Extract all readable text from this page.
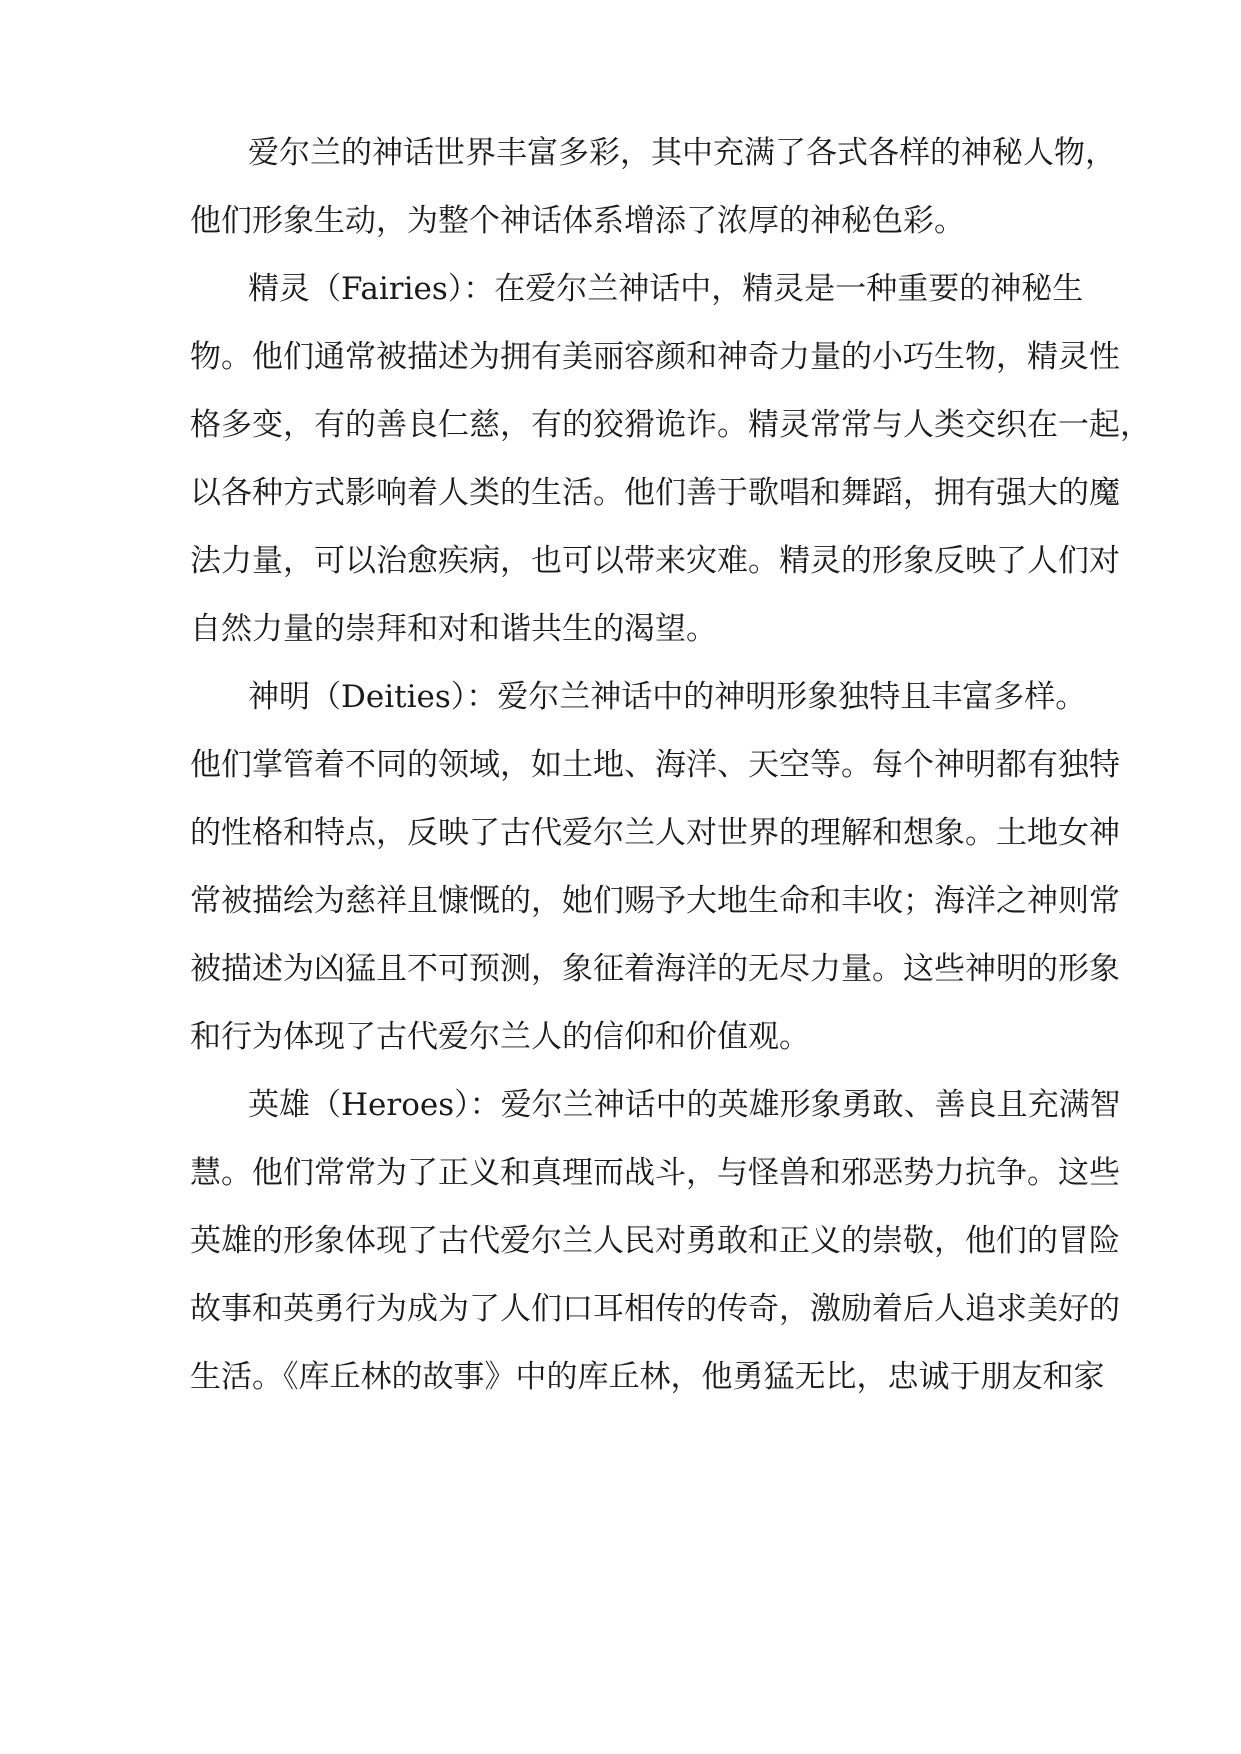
爱尔兰的神话世界丰富多彩，其中充满了各式各样的神秘人物，
他们形象生动，为整个神话体系增添了浓厚的神秘色彩。
精灵（Fairies）：在爱尔兰神话中，精灵是一种重要的神秘生
物。他们通常被描述为拥有美丽容颜和神奇力量的小巧生物，精灵性
格多变，有的善良仁慈，有的狡猾诡诈。精灵常常与人类交织在一起，
以各种方式影响着人类的生活。他们善于歌唱和舞蹈，拥有强大的魔
法力量，可以治愈疾病，也可以带来灾难。精灵的形象反映了人们对
自然力量的崇拜和对和谐共生的渴望。
神明（Deities）：爱尔兰神话中的神明形象独特且丰富多样。
他们掌管着不同的领域，如土地、海洋、天空等。每个神明都有独特
的性格和特点，反映了古代爱尔兰人对世界的理解和想象。土地女神
常被描绘为慈祥且慷慨的，她们赐予大地生命和丰收；海洋之神则常
被描述为凶猛且不可预测，象征着海洋的无尽力量。这些神明的形象
和行为体现了古代爱尔兰人的信仰和价值观。
英雄（Heroes）：爱尔兰神话中的英雄形象勇敢、善良且充满智
慧。他们常常为了正义和真理而战斗，与怪兽和邪恶势力抗争。这些
英雄的形象体现了古代爱尔兰人民对勇敢和正义的崇敬，他们的冒险
故事和英勇行为成为了人们口耳相传的传奇，激励着后人追求美好的
生活。《库丘林的故事》中的库丘林，他勇猛无比，忠诚于朋友和家
